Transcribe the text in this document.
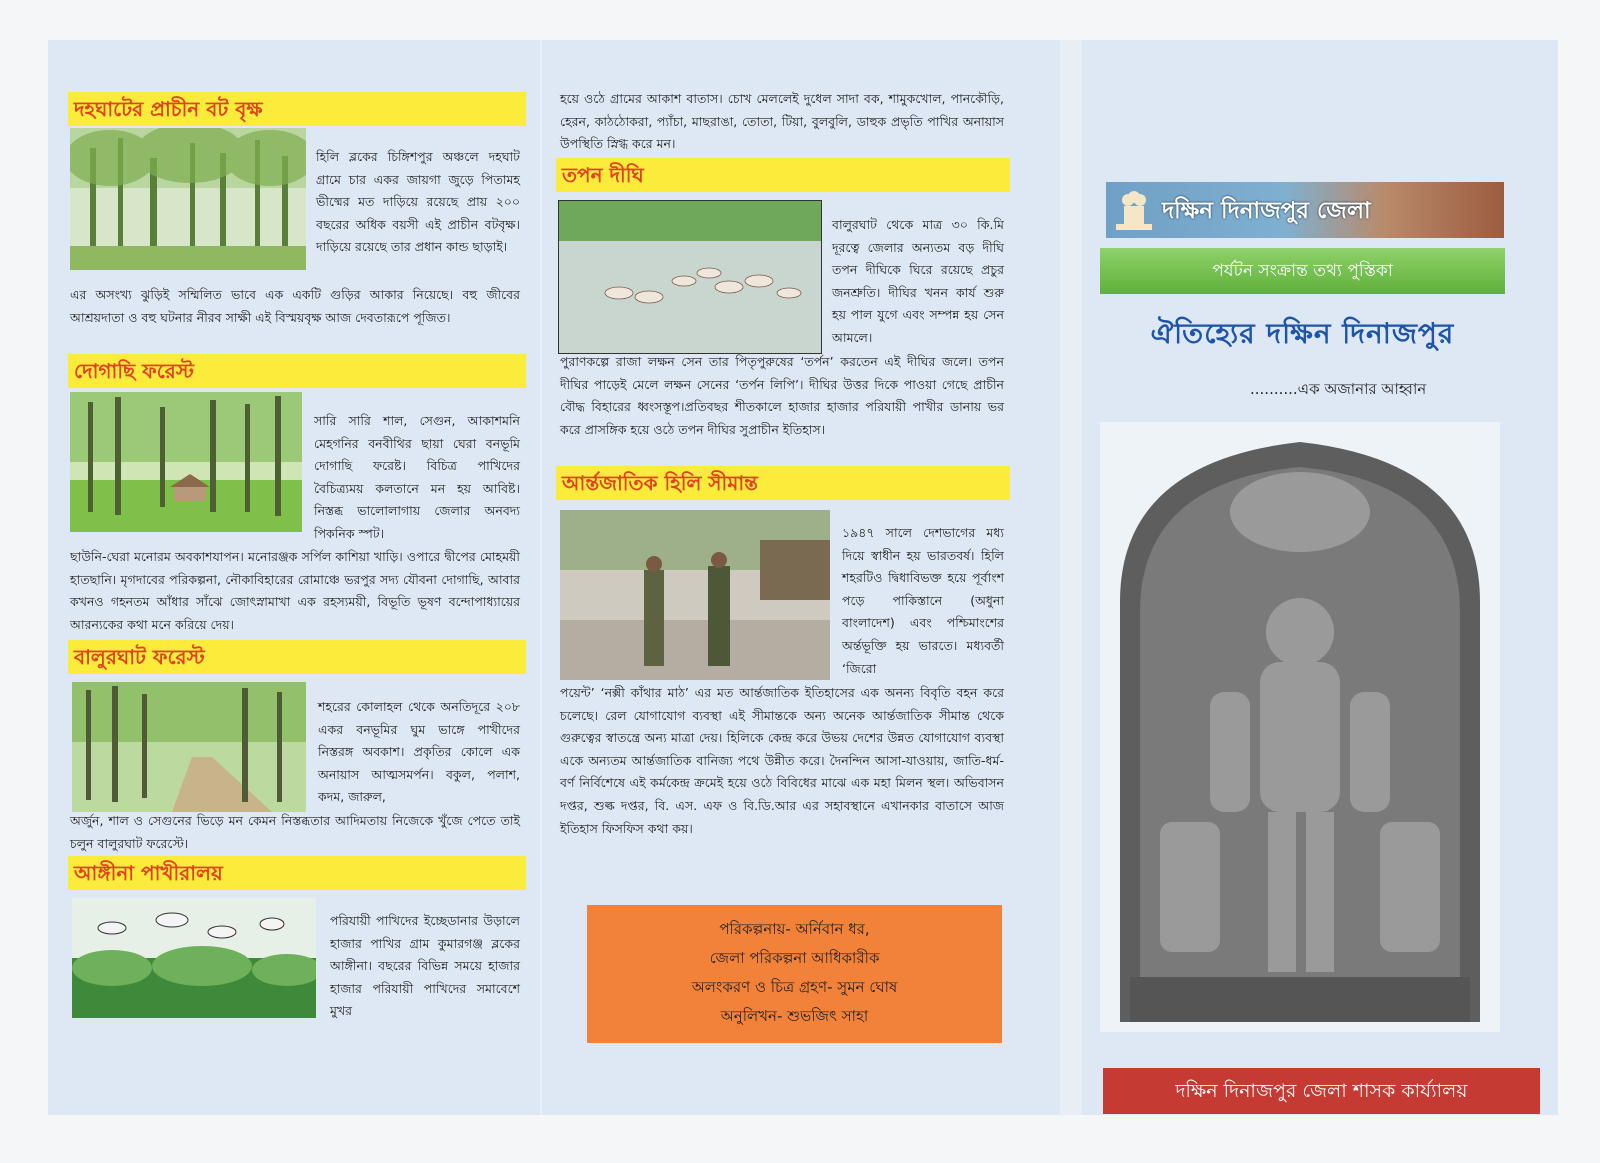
দহঘাটের প্রাচীন বট বৃক্ষ
হিলি ব্লকের চিঙ্গিশপুর অঞ্চলে দহঘাট গ্রামে চার একর জায়গা জুড়ে পিতামহ ভীষ্মের মত দাড়িয়ে রয়েছে প্রায় ২০০ বছরের অধিক বয়সী এই প্রাচীন বটবৃক্ষ। দাড়িয়ে রয়েছে তার প্রধান কান্ড ছাড়াই।
এর অসংখ্য ঝুড়িই সম্মিলিত ভাবে এক একটি গুড়ির আকার নিয়েছে। বহু জীবের আশ্রয়দাতা ও বহু ঘটনার নীরব সাক্ষী এই বিস্ময়বৃক্ষ আজ দেবতারূপে পূজিত।
দোগাছি ফরেস্ট
সারি সারি শাল, সেগুন, আকাশমনি মেহগনির বনবীথির ছায়া ঘেরা বনভূমি দোগাছি ফরেষ্ট। বিচিত্র পাখিদের বৈচিত্র্যময় কলতানে মন হয় আবিষ্ট। নিস্তব্ধ ভালোলাগায় জেলার অনবদ্য পিকনিক স্পট।
ছাউনি-ঘেরা মনোরম অবকাশযাপন। মনোরঞ্জক সর্পিল কাশিয়া খাড়ি। ওপারে দ্বীপের মোহময়ী হাতছানি। মৃগদাবের পরিকল্পনা, নৌকাবিহারের রোমাঞ্চে ভরপুর সদ্য যৌবনা দোগাছি, আবার কখনও গহনতম আঁধার সাঁঝে জোৎস্নামাখা এক রহস্যময়ী, বিভূতি ভূষণ বন্দোপাধ্যায়ের আরন্যকের কথা মনে করিয়ে দেয়।
বালুরঘাট ফরেস্ট
শহরের কোলাহল থেকে অনতিদূরে ২০৮ একর বনভূমির ঘুম ভাঙ্গে পাখীদের নিস্তরঙ্গ অবকাশ। প্রকৃতির কোলে এক অনায়াস আত্মসমর্পন। বকুল, পলাশ, কদম, জারুল,
অর্জুন, শাল ও সেগুনের ভিড়ে মন কেমন নিস্তব্ধতার আদিমতায় নিজেকে খুঁজে পেতে তাই চলুন বালুরঘাট ফরেস্টে।
আঙ্গীনা পাখীরালয়
পরিযায়ী পাখিদের ইচ্ছেডানার উড়ালে হাজার পাখির গ্রাম কুমারগঞ্জ ব্লকের আঙ্গীনা। বছরের বিভিন্ন সময়ে হাজার হাজার পরিযায়ী পাখিদের সমাবেশে মুখর
হয়ে ওঠে গ্রামের আকাশ বাতাস। চোখ মেললেই দুধেল সাদা বক, শামুকখোল, পানকৌড়ি, হেরন, কাঠঠোকরা, প্যাঁচা, মাছরাঙা, তোতা, টিয়া, বুলবুলি, ডাহুক প্রভৃতি পাখির অনায়াস উপস্থিতি স্নিগ্ধ করে মন।
তপন দীঘি
বালুরঘাট থেকে মাত্র ৩০ কি.মি দূরত্বে জেলার অন্যতম বড় দীঘি তপন দীঘিকে ঘিরে রয়েছে প্রচুর জনশ্রুতি। দীঘির খনন কার্য শুরু হয় পাল যুগে এবং সম্পন্ন হয় সেন আমলে।
পুরাণকল্পে রাজা লক্ষন সেন তার পিতৃপুরুষের ‘তর্পন’ করতেন এই দীঘির জলে। তপন দীঘির পাড়েই মেলে লক্ষন সেনের ‘তর্পন লিপি’। দীঘির উত্তর দিকে পাওয়া গেছে প্রাচীন বৌদ্ধ বিহারের ধ্বংসস্তূপ।প্রতিবছর শীতকালে হাজার হাজার পরিযায়ী পাখীর ডানায় ভর করে প্রাসঙ্গিক হয়ে ওঠে তপন দীঘির সুপ্রাচীন ইতিহাস।
আর্ন্তজাতিক হিলি সীমান্ত
১৯৪৭ সালে দেশভাগের মধ্য দিয়ে স্বাধীন হয় ভারতবর্ষ। হিলি শহরটিও দ্বিধাবিভক্ত হয়ে পূর্বাংশ পড়ে পাকিস্তানে (অধুনা বাংলাদেশ) এবং পশ্চিমাংশের অর্ন্তভূক্তি হয় ভারতে। মধ্যবর্তী ‘জিরো
পয়েন্ট’ ‘নক্সী কাঁথার মাঠ’ এর মত আর্ন্তজাতিক ইতিহাসের এক অনন্য বিবৃতি বহন করে চলেছে। রেল যোগাযোগ ব্যবস্থা এই সীমান্তকে অন্য অনেক আর্ন্তজাতিক সীমান্ত থেকে গুরুত্বের স্বাতন্ত্রে অন্য মাত্রা দেয়। হিলিকে কেন্দ্র করে উভয় দেশের উন্নত যোগাযোগ ব্যবস্থা একে অন্যতম আর্ন্তজাতিক বানিজ্য পথে উন্নীত করে। দৈনন্দিন আসা-যাওয়ায়, জাতি-ধর্ম-বর্ণ নির্বিশেষে এই কর্মকেন্দ্র ক্রমেই হয়ে ওঠে বিবিধের মাঝে এক মহা মিলন স্থল। অভিবাসন দপ্তর, শুল্ক দপ্তর, বি. এস. এফ ও বি.ডি.আর এর সহাবস্থানে এখানকার বাতাসে আজ ইতিহাস ফিসফিস কথা কয়।
পরিকল্পনায়- অর্নিবান ধর,
জেলা পরিকল্পনা আধিকারীক
অলংকরণ ও চিত্র গ্রহণ- সুমন ঘোষ
অনুলিখন- শুভজিৎ সাহা
দক্ষিন দিনাজপুর জেলা
পর্যটন সংক্রান্ত তথ্য পুস্তিকা
ঐতিহ্যের দক্ষিন দিনাজপুর
..........এক অজানার আহ্বান
দক্ষিন দিনাজপুর জেলা শাসক কার্য্যালয়
